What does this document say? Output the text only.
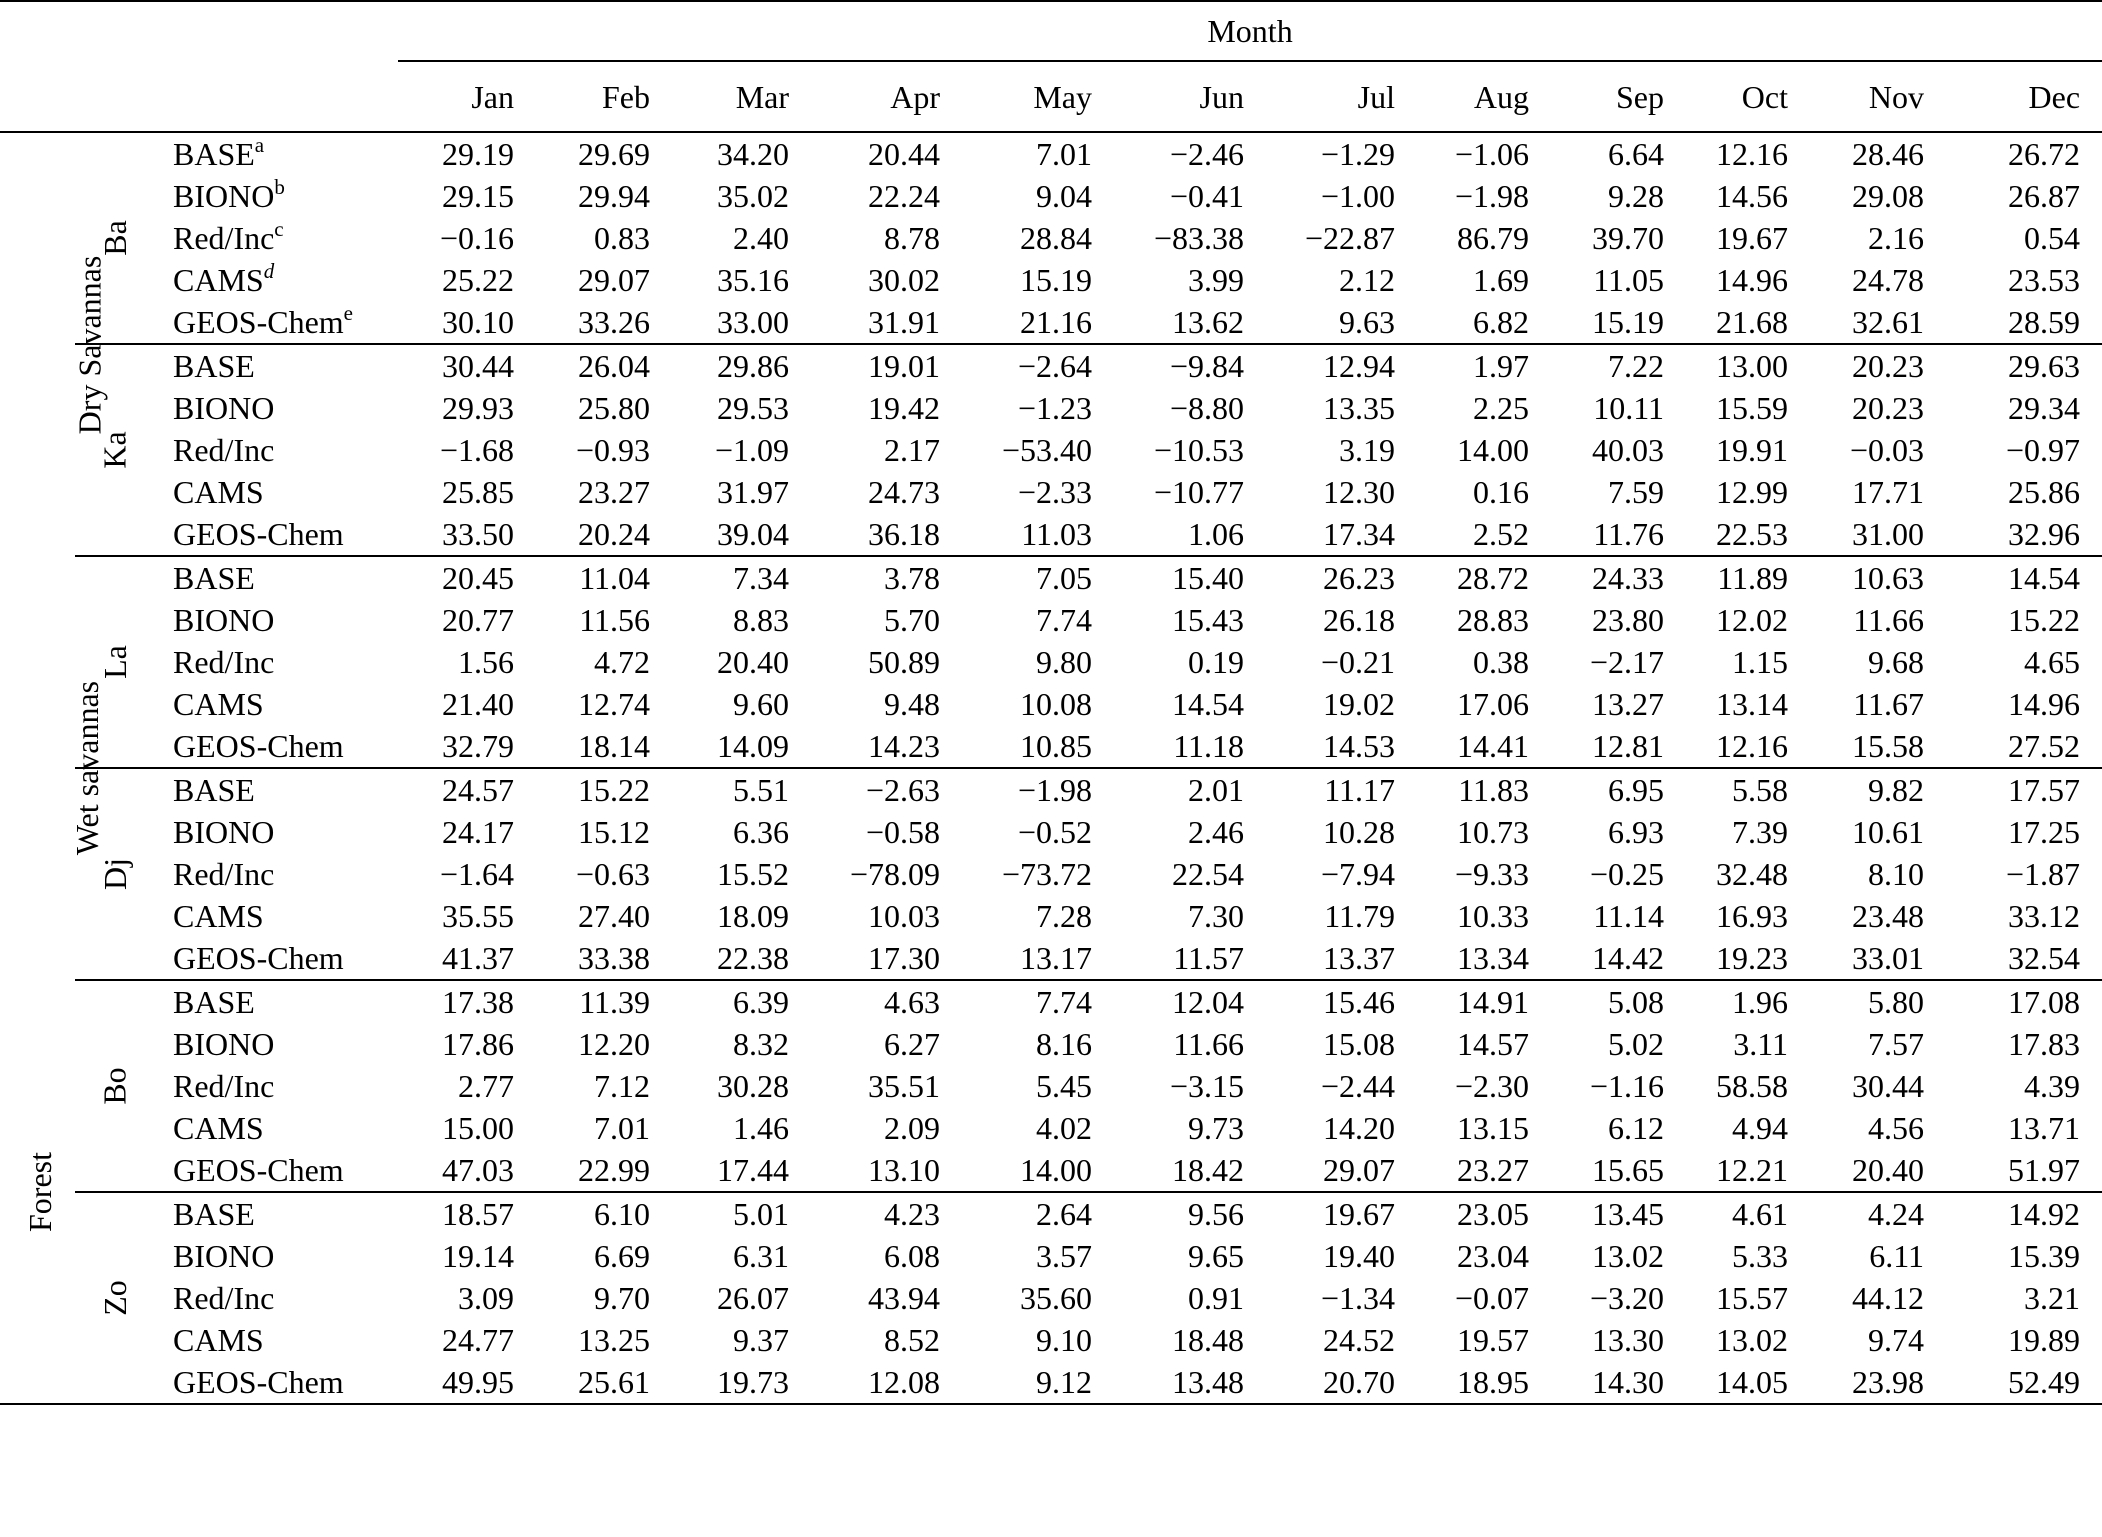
			Month											
			Jan	Feb	Mar	Apr	May	Jun	Jul	Aug	Sep	Oct	Nov	Dec
Dry Savannas	Ba	BASE$^a$	29.19	29.69	34.20	20.44	7.01	−2.46	−1.29	−1.06	6.64	12.16	28.46	26.72
		BIONO$^b$	29.15	29.94	35.02	22.24	9.04	−0.41	−1.00	−1.98	9.28	14.56	29.08	26.87
		Red/Inc$^c$	−0.16	0.83	2.40	8.78	28.84	−83.38	−22.87	86.79	39.70	19.67	2.16	0.54
		CAMS$^d$	25.22	29.07	35.16	30.02	15.19	3.99	2.12	1.69	11.05	14.96	24.78	23.53
		GEOS-Chem$^e$	30.10	33.26	33.00	31.91	21.16	13.62	9.63	6.82	15.19	21.68	32.61	28.59
	Ka	BASE	30.44	26.04	29.86	19.01	−2.64	−9.84	12.94	1.97	7.22	13.00	20.23	29.63
		BIONO	29.93	25.80	29.53	19.42	−1.23	−8.80	13.35	2.25	10.11	15.59	20.23	29.34
		Red/Inc	−1.68	−0.93	−1.09	2.17	−53.40	−10.53	3.19	14.00	40.03	19.91	−0.03	−0.97
		CAMS	25.85	23.27	31.97	24.73	−2.33	−10.77	12.30	0.16	7.59	12.99	17.71	25.86
		GEOS-Chem	33.50	20.24	39.04	36.18	11.03	1.06	17.34	2.52	11.76	22.53	31.00	32.96
Wet savannas	La	BASE	20.45	11.04	7.34	3.78	7.05	15.40	26.23	28.72	24.33	11.89	10.63	14.54
		BIONO	20.77	11.56	8.83	5.70	7.74	15.43	26.18	28.83	23.80	12.02	11.66	15.22
		Red/Inc	1.56	4.72	20.40	50.89	9.80	0.19	−0.21	0.38	−2.17	1.15	9.68	4.65
		CAMS	21.40	12.74	9.60	9.48	10.08	14.54	19.02	17.06	13.27	13.14	11.67	14.96
		GEOS-Chem	32.79	18.14	14.09	14.23	10.85	11.18	14.53	14.41	12.81	12.16	15.58	27.52
	Dj	BASE	24.57	15.22	5.51	−2.63	−1.98	2.01	11.17	11.83	6.95	5.58	9.82	17.57
		BIONO	24.17	15.12	6.36	−0.58	−0.52	2.46	10.28	10.73	6.93	7.39	10.61	17.25
		Red/Inc	−1.64	−0.63	15.52	−78.09	−73.72	22.54	−7.94	−9.33	−0.25	32.48	8.10	−1.87
		CAMS	35.55	27.40	18.09	10.03	7.28	7.30	11.79	10.33	11.14	16.93	23.48	33.12
		GEOS-Chem	41.37	33.38	22.38	17.30	13.17	11.57	13.37	13.34	14.42	19.23	33.01	32.54
Forest	Bo	BASE	17.38	11.39	6.39	4.63	7.74	12.04	15.46	14.91	5.08	1.96	5.80	17.08
		BIONO	17.86	12.20	8.32	6.27	8.16	11.66	15.08	14.57	5.02	3.11	7.57	17.83
		Red/Inc	2.77	7.12	30.28	35.51	5.45	−3.15	−2.44	−2.30	−1.16	58.58	30.44	4.39
		CAMS	15.00	7.01	1.46	2.09	4.02	9.73	14.20	13.15	6.12	4.94	4.56	13.71
		GEOS-Chem	47.03	22.99	17.44	13.10	14.00	18.42	29.07	23.27	15.65	12.21	20.40	51.97
	Zo	BASE	18.57	6.10	5.01	4.23	2.64	9.56	19.67	23.05	13.45	4.61	4.24	14.92
		BIONO	19.14	6.69	6.31	6.08	3.57	9.65	19.40	23.04	13.02	5.33	6.11	15.39
		Red/Inc	3.09	9.70	26.07	43.94	35.60	0.91	−1.34	−0.07	−3.20	15.57	44.12	3.21
		CAMS	24.77	13.25	9.37	8.52	9.10	18.48	24.52	19.57	13.30	13.02	9.74	19.89
		GEOS-Chem	49.95	25.61	19.73	12.08	9.12	13.48	20.70	18.95	14.30	14.05	23.98	52.49
